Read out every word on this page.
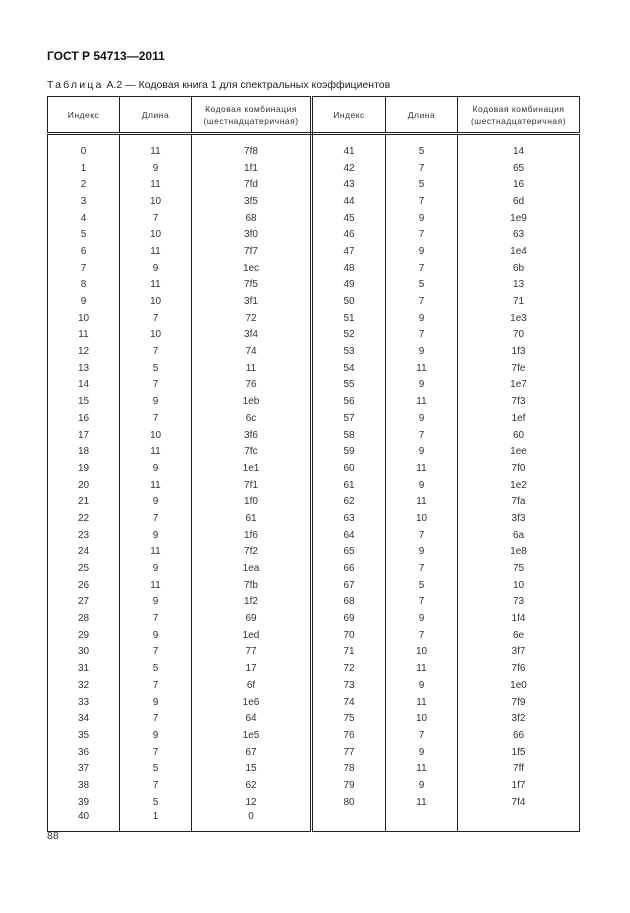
ГОСТ Р 54713—2011
Таблица А.2 — Кодовая книга 1 для спектральных коэффициентов
Индекс	Длина	Кодовая комбинация (шестнадцатеричная)	Индекс	Длина	Кодовая комбинация (шестнадцатеричная)
0	11	7f8	41	5	14
1	9	1f1	42	7	65
2	11	7fd	43	5	16
3	10	3f5	44	7	6d
4	7	68	45	9	1e9
5	10	3f0	46	7	63
6	11	7f7	47	9	1e4
7	9	1ec	48	7	6b
8	11	7f5	49	5	13
9	10	3f1	50	7	71
10	7	72	51	9	1e3
11	10	3f4	52	7	70
12	7	74	53	9	1f3
13	5	11	54	11	7fe
14	7	76	55	9	1e7
15	9	1eb	56	11	7f3
16	7	6c	57	9	1ef
17	10	3f6	58	7	60
18	11	7fc	59	9	1ee
19	9	1e1	60	11	7f0
20	11	7f1	61	9	1e2
21	9	1f0	62	11	7fa
22	7	61	63	10	3f3
23	9	1f6	64	7	6a
24	11	7f2	65	9	1e8
25	9	1ea	66	7	75
26	11	7fb	67	5	10
27	9	1f2	68	7	73
28	7	69	69	9	1f4
29	9	1ed	70	7	6e
30	7	77	71	10	3f7
31	5	17	72	11	7f6
32	7	6f	73	9	1e0
33	9	1e6	74	11	7f9
34	7	64	75	10	3f2
35	9	1e5	76	7	66
36	7	67	77	9	1f5
37	5	15	78	11	7ff
38	7	62	79	9	1f7
39	5	12	80	11	7f4
40	1	0			
88
